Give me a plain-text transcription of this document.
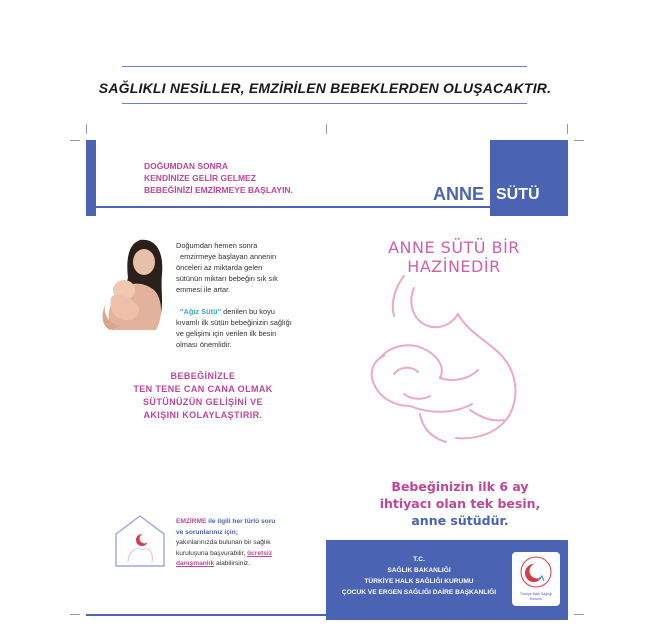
SAĞLIKLI NESİLLER, EMZİRİLEN BEBEKLERDEN OLUŞACAKTIR.
DOĞUMDAN SONRA
KENDİNİZE GELİR GELMEZ
BEBEĞİNİZİ EMZİRMEYE BAŞLAYIN.	ANNE SÜTÜ
Doğumdan hemen sonra
emzirmeye başlayan annenin
önceleri az miktarda gelen
sütünün miktarı bebeğin sık sık
emmesi ile artar.
"Ağız Sütü" denilen bu koyu
kıvamlı ilk sütün bebeğinizin sağlığı
ve gelişimi için verilen ilk besin
olması önemlidir.
BEBEĞİNİZLE
TEN TENE CAN CANA OLMAK
SÜTÜNÜZÜN GELİŞİNİ VE
AKIŞINI KOLAYLAŞTIRIR.
EMZİRME ile ilgili her türlü soru
ve sorunlarınız için;
yakınlarınızda bulunan bir sağlık
kuruluşuna başvurabilir, ücretsiz
danışmanlık alabilirsiniz.
ANNE SÜTÜ BİR HAZİNEDİR
Bebeğinizin ilk 6 ay
ihtiyacı olan tek besin,
anne sütüdür.
T.C.
SAĞLIK BAKANLIĞI
TÜRKİYE HALK SAĞLIĞI KURUMU
ÇOCUK VE ERGEN SAĞLIĞI DAİRE BAŞKANLIĞI	Türkiye Halk Sağlığı
Kurumu
